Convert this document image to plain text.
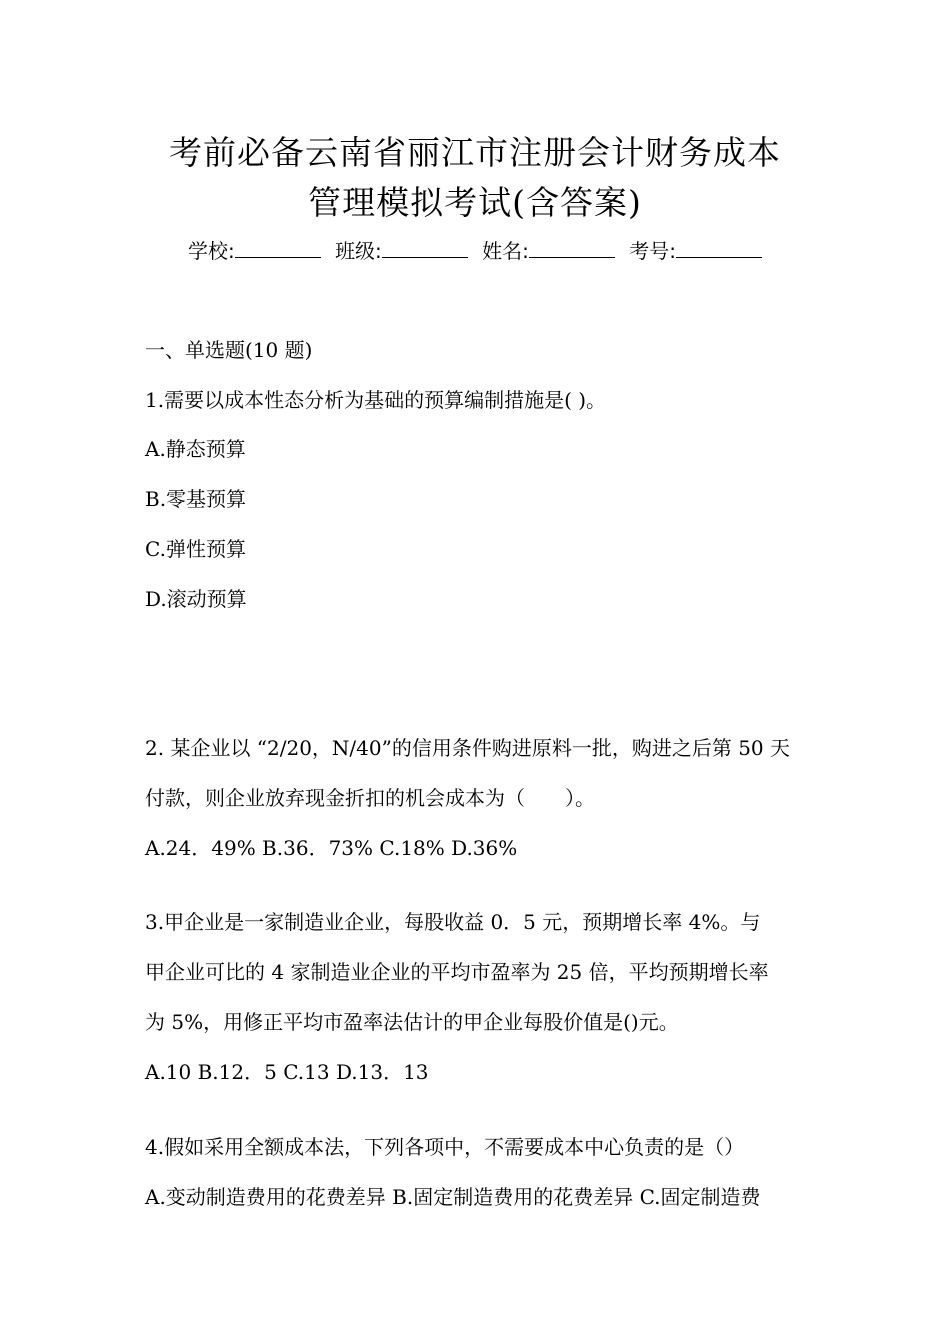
考前必备云南省丽江市注册会计财务成本
管理模拟考试(含答案)
学校:	班级:	姓名:	考号:
一、单选题(10 题)
1.需要以成本性态分析为基础的预算编制措施是( )。
A.静态预算
B.零基预算
C.弹性预算
D.滚动预算
2. 某企业以 “2/20，N/40”的信用条件购进原料一批，购进之后第 50 天
付款，则企业放弃现金折扣的机会成本为（　　）。
A.24．49% B.36．73% C.18% D.36%
3.甲企业是一家制造业企业，每股收益 0．5 元，预期增长率 4%。与
甲企业可比的 4 家制造业企业的平均市盈率为 25 倍，平均预期增长率
为 5%，用修正平均市盈率法估计的甲企业每股价值是()元。
A.10 B.12．5 C.13 D.13．13
4.假如采用全额成本法，下列各项中，不需要成本中心负责的是（）
A.变动制造费用的花费差异 B.固定制造费用的花费差异 C.固定制造费
